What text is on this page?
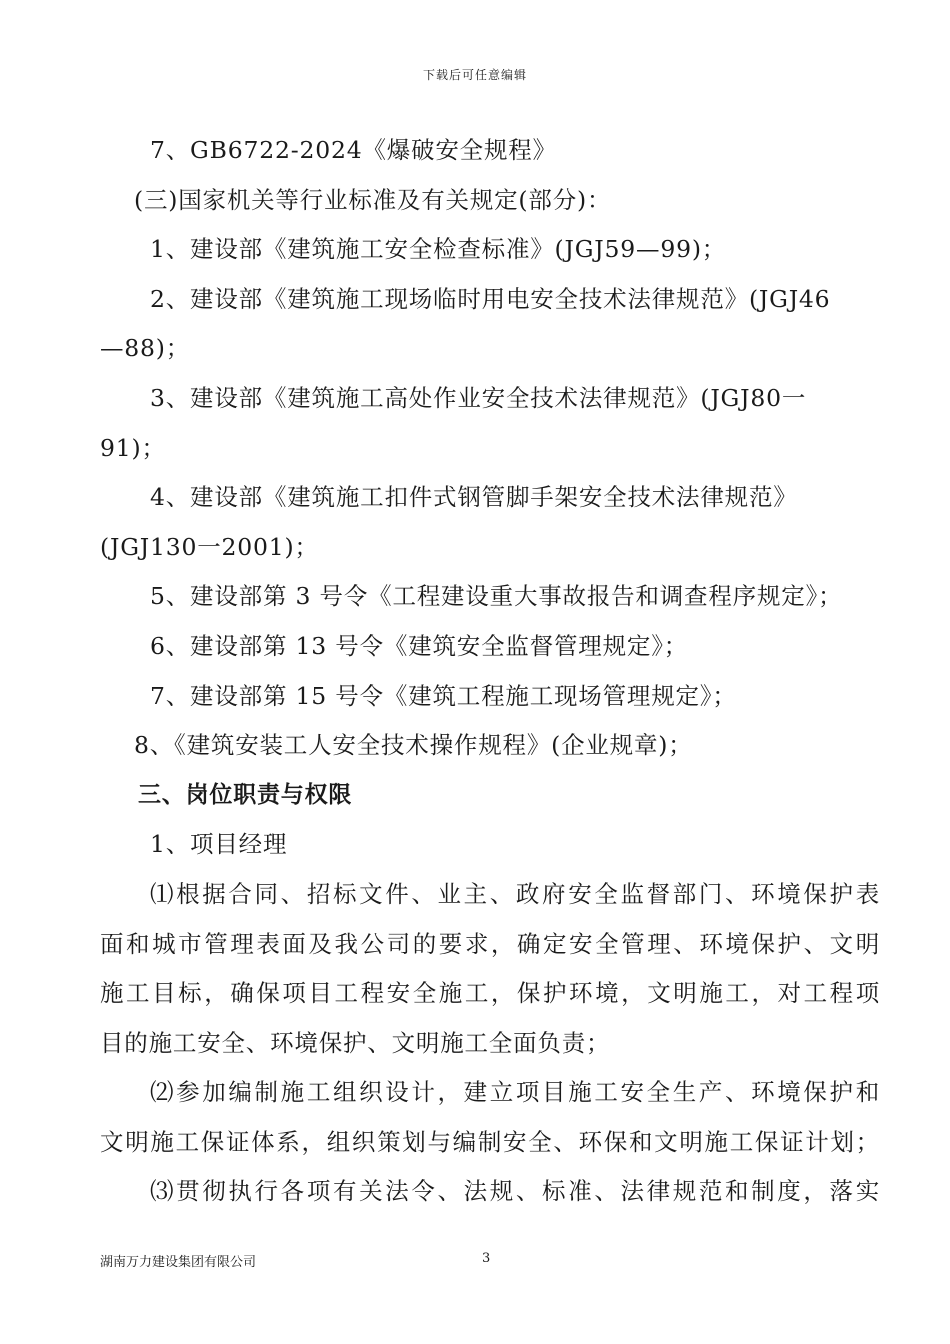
下载后可任意编辑
7、GB6722-2024《爆破安全规程》
(三)国家机关等行业标准及有关规定(部分)：
1、建设部《建筑施工安全检查标准》(JGJ59—99)；
2、建设部《建筑施工现场临时用电安全技术法律规范》(JGJ46
—88)；
3、建设部《建筑施工高处作业安全技术法律规范》(JGJ80一
91)；
4、建设部《建筑施工扣件式钢管脚手架安全技术法律规范》
(JGJ130一2001)；
5、建设部第 3 号令《工程建设重大事故报告和调查程序规定》；
6、建设部第 13 号令《建筑安全监督管理规定》；
7、建设部第 15 号令《建筑工程施工现场管理规定》；
8、《建筑安装工人安全技术操作规程》(企业规章)；
三、岗位职责与权限
1、项目经理
⑴根据合同、招标文件、业主、政府安全监督部门、环境保护表
面和城市管理表面及我公司的要求，确定安全管理、环境保护、文明
施工目标，确保项目工程安全施工，保护环境，文明施工，对工程项
目的施工安全、环境保护、文明施工全面负责；
⑵参加编制施工组织设计，建立项目施工安全生产、环境保护和
文明施工保证体系，组织策划与编制安全、环保和文明施工保证计划；
⑶贯彻执行各项有关法令、法规、标准、法律规范和制度，落实
湖南万力建设集团有限公司	3
